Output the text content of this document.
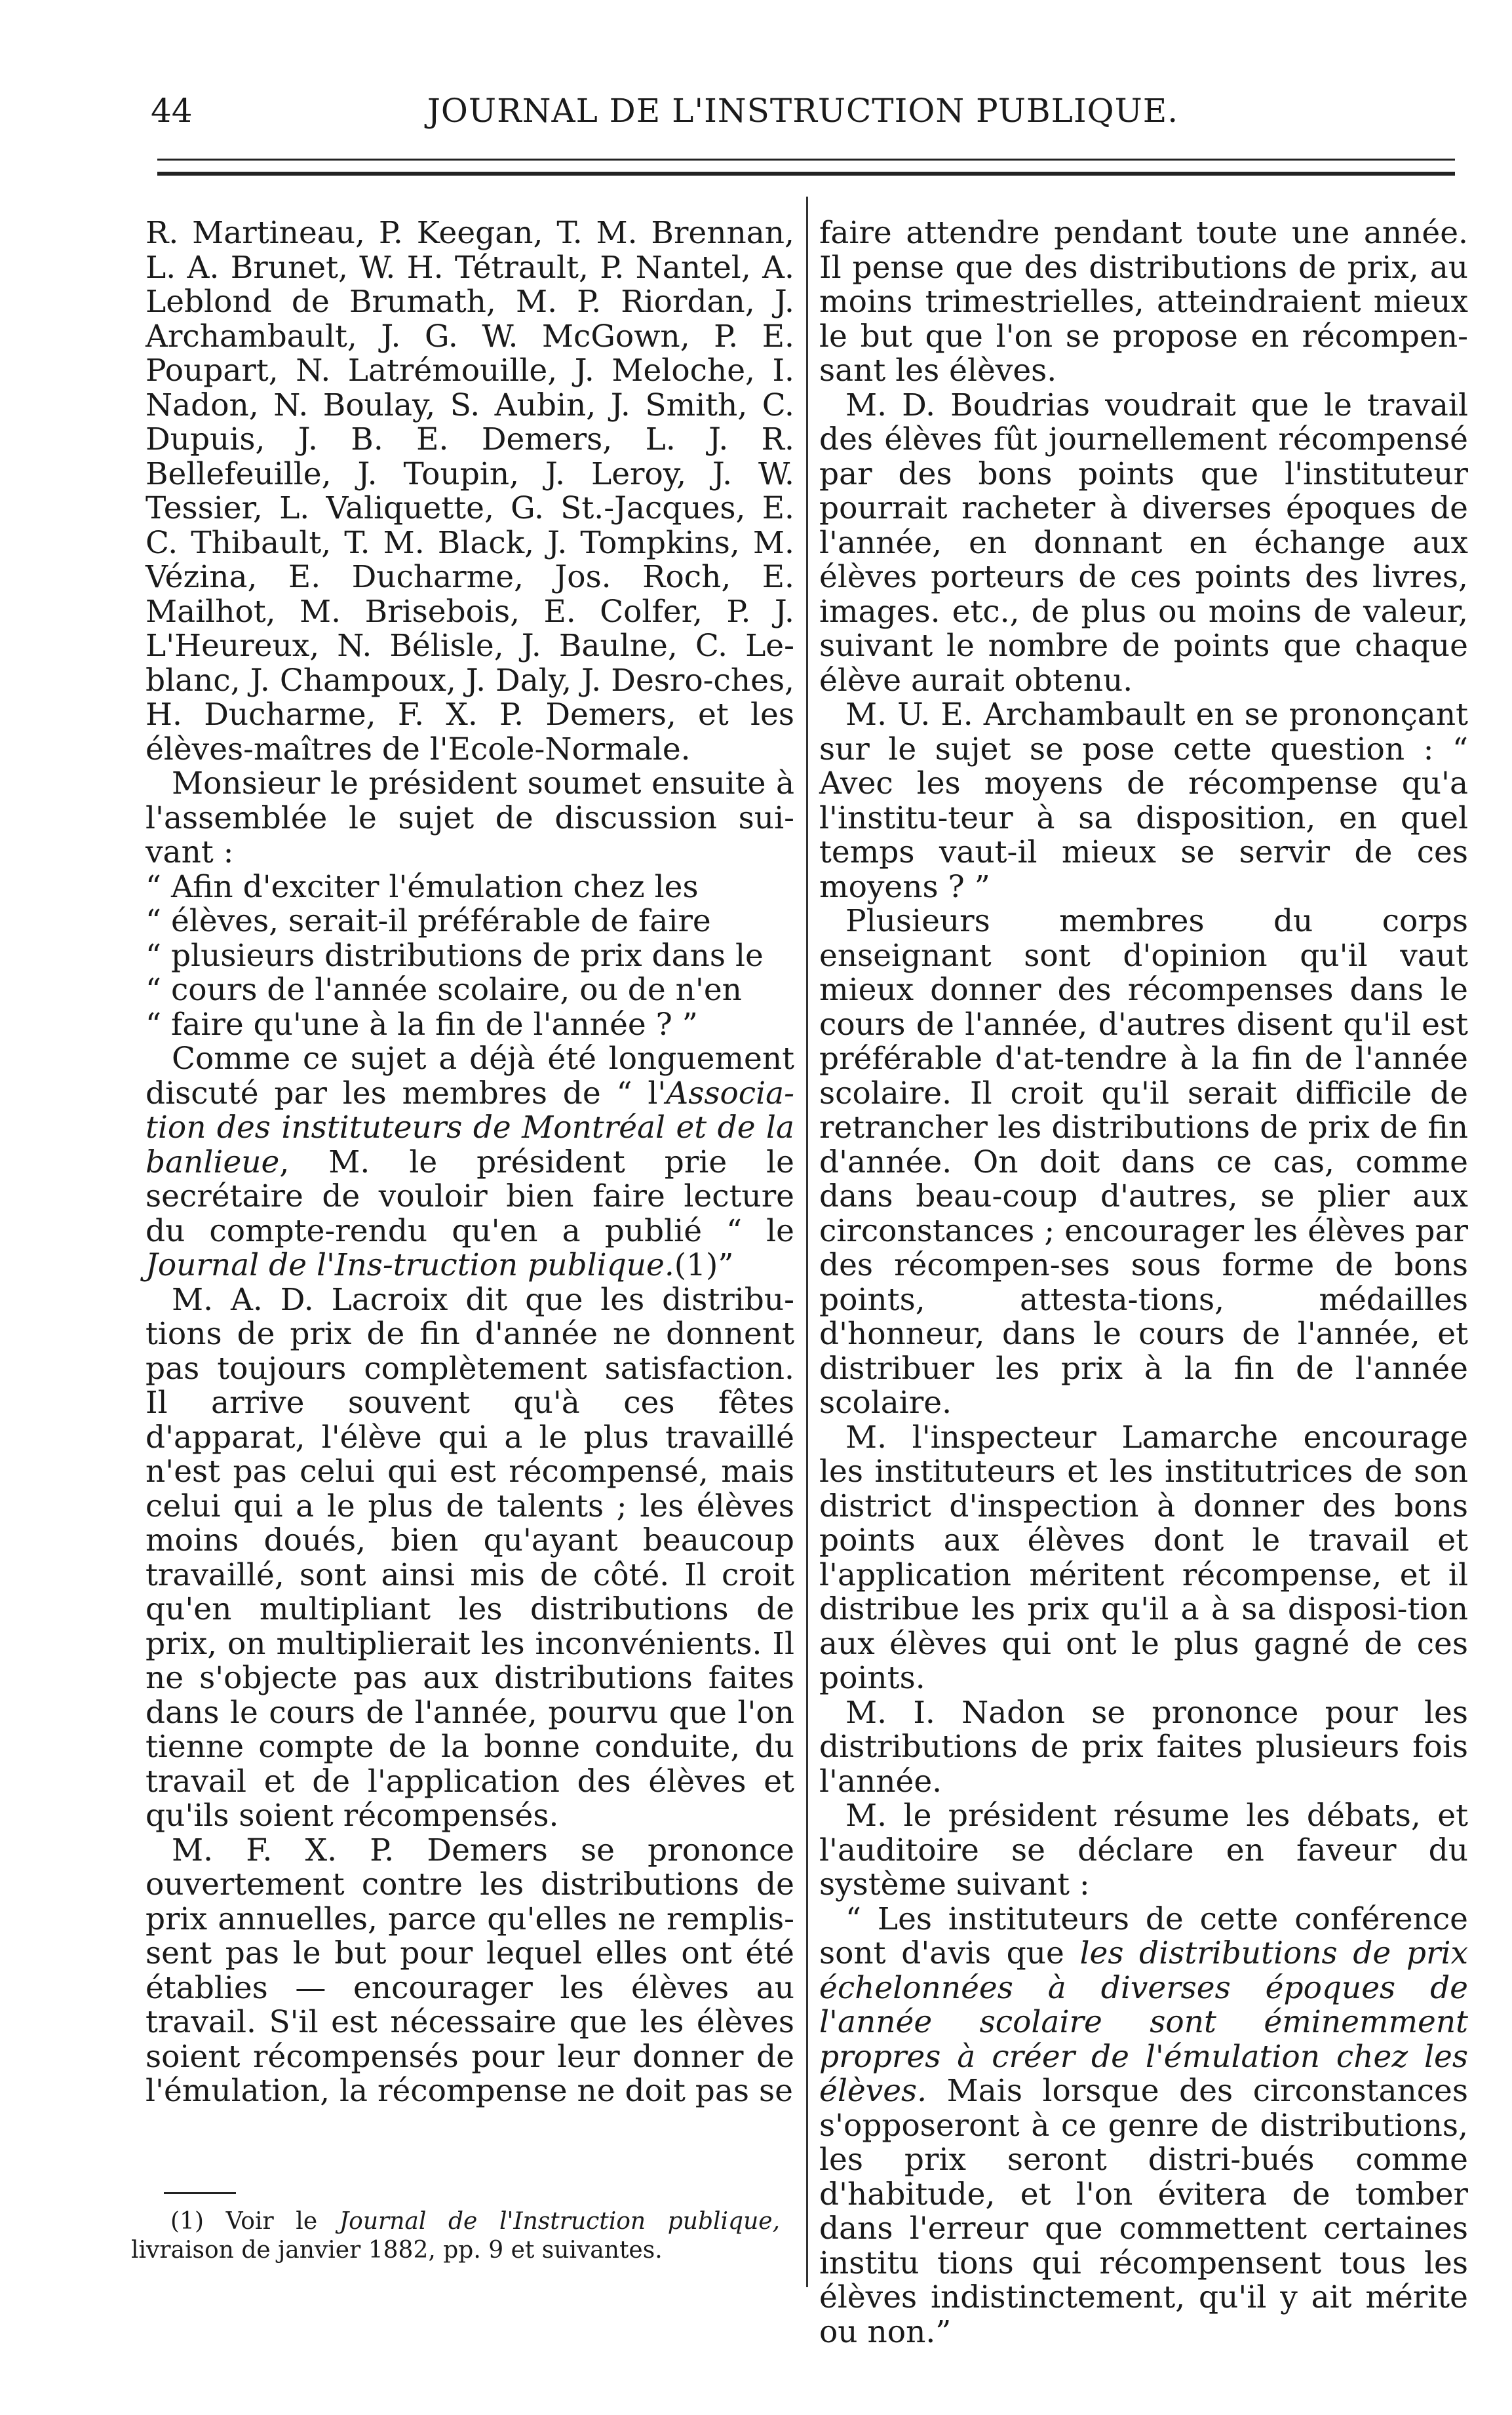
44	JOURNAL DE L'INSTRUCTION PUBLIQUE.

R. Martineau, P. Keegan, T. M. Brennan, L. A. Brunet, W. H. Tétrault, P. Nantel, A. Leblond de Brumath, M. P. Riordan, J. Archambault, J. G. W. McGown, P. E. Poupart, N. Latrémouille, J. Meloche, I. Nadon, N. Boulay, S. Aubin, J. Smith, C. Dupuis, J. B. E. Demers, L. J. R. Bellefeuille, J. Toupin, J. Leroy, J. W. Tessier, L. Valiquette, G. St.-Jacques, E. C. Thibault, T. M. Black, J. Tompkins, M. Vézina, E. Ducharme, Jos. Roch, E. Mailhot, M. Brisebois, E. Colfer, P. J. L'Heureux, N. Bélisle, J. Baulne, C. Le-blanc, J. Champoux, J. Daly, J. Desro-ches, H. Ducharme, F. X. P. Demers, et les élèves-maîtres de l'Ecole-Normale.

Monsieur le président soumet ensuite à l'assemblée le sujet de discussion sui-vant :

“ Afin d'exciter l'émulation chez les
“ élèves, serait-il préférable de faire
“ plusieurs distributions de prix dans le
“ cours de l'année scolaire, ou de n'en
“ faire qu'une à la fin de l'année ? ”

Comme ce sujet a déjà été longuement discuté par les membres de “ l'Associa-tion des instituteurs de Montréal et de la banlieue, M. le président prie le secrétaire de vouloir bien faire lecture du compte-rendu qu'en a publié “ le Journal de l'Ins-truction publique.(1)”

M. A. D. Lacroix dit que les distribu-tions de prix de fin d'année ne donnent pas toujours complètement satisfaction. Il arrive souvent qu'à ces fêtes d'apparat, l'élève qui a le plus travaillé n'est pas celui qui est récompensé, mais celui qui a le plus de talents ; les élèves moins doués, bien qu'ayant beaucoup travaillé, sont ainsi mis de côté. Il croit qu'en multipliant les distributions de prix, on multiplierait les inconvénients. Il ne s'objecte pas aux distributions faites dans le cours de l'année, pourvu que l'on tienne compte de la bonne conduite, du travail et de l'application des élèves et qu'ils soient récompensés.

M. F. X. P. Demers se prononce ouvertement contre les distributions de prix annuelles, parce qu'elles ne remplis-sent pas le but pour lequel elles ont été établies — encourager les élèves au travail. S'il est nécessaire que les élèves soient récompensés pour leur donner de l'émulation, la récompense ne doit pas se

faire attendre pendant toute une année. Il pense que des distributions de prix, au moins trimestrielles, atteindraient mieux le but que l'on se propose en récompen-sant les élèves.

M. D. Boudrias voudrait que le travail des élèves fût journellement récompensé par des bons points que l'instituteur pourrait racheter à diverses époques de l'année, en donnant en échange aux élèves porteurs de ces points des livres, images. etc., de plus ou moins de valeur, suivant le nombre de points que chaque élève aurait obtenu.

M. U. E. Archambault en se prononçant sur le sujet se pose cette question : “ Avec les moyens de récompense qu'a l'institu-teur à sa disposition, en quel temps vaut-il mieux se servir de ces moyens ? ”

Plusieurs membres du corps enseignant sont d'opinion qu'il vaut mieux donner des récompenses dans le cours de l'année, d'autres disent qu'il est préférable d'at-tendre à la fin de l'année scolaire. Il croit qu'il serait difficile de retrancher les distributions de prix de fin d'année. On doit dans ce cas, comme dans beau-coup d'autres, se plier aux circonstances ; encourager les élèves par des récompen-ses sous forme de bons points, attesta-tions, médailles d'honneur, dans le cours de l'année, et distribuer les prix à la fin de l'année scolaire.

M. l'inspecteur Lamarche encourage les instituteurs et les institutrices de son district d'inspection à donner des bons points aux élèves dont le travail et l'application méritent récompense, et il distribue les prix qu'il a à sa disposi-tion aux élèves qui ont le plus gagné de ces points.

M. I. Nadon se prononce pour les distributions de prix faites plusieurs fois l'année.

M. le président résume les débats, et l'auditoire se déclare en faveur du système suivant :

“ Les instituteurs de cette conférence sont d'avis que les distributions de prix échelonnées à diverses époques de l'année scolaire sont éminemment propres à créer de l'émulation chez les élèves. Mais lorsque des circonstances s'opposeront à ce genre de distributions, les prix seront distri-bués comme d'habitude, et l'on évitera de tomber dans l'erreur que commettent certaines institu tions qui récompensent tous les élèves indistinctement, qu'il y ait mérite ou non.”

(1) Voir le Journal de l'Instruction publique, livraison de janvier 1882, pp. 9 et suivantes.
